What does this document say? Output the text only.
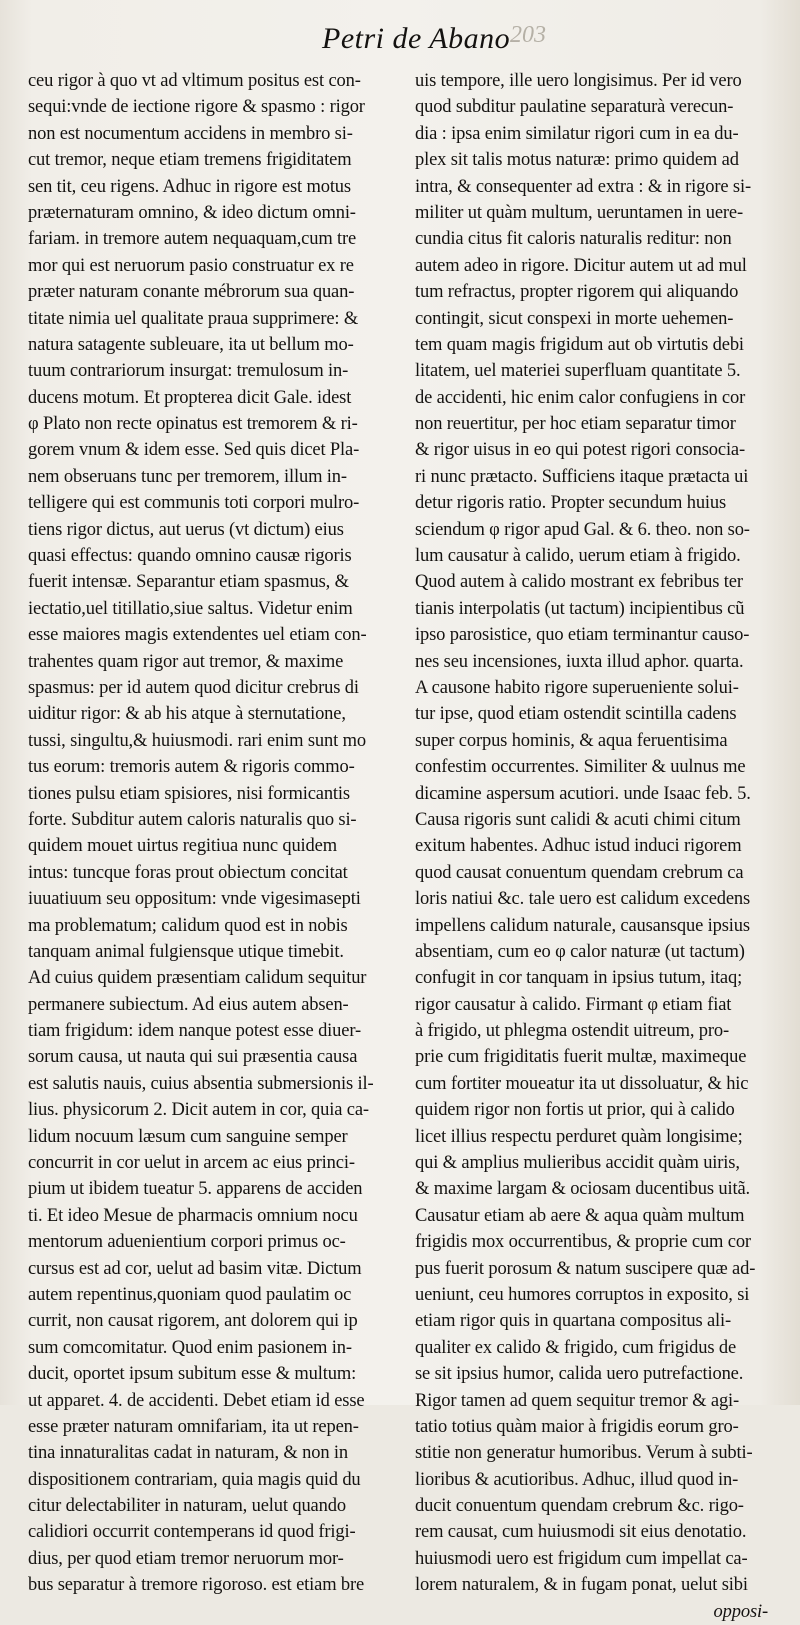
203
Petri de Abano
ceu rigor à quo vt ad vltimum positus est con-
sequi:vnde de iectione rigore & spasmo : rigor
non est nocumentum accidens in membro si-
cut tremor, neque etiam tremens frigiditatem
sen tit, ceu rigens. Adhuc in rigore est motus
præternaturam omnino, & ideo dictum omni-
fariam. in tremore autem nequaquam,cum tre
mor qui est neruorum pasio construatur ex re
præter naturam conante mébrorum sua quan-
titate nimia uel qualitate praua supprimere: &
natura satagente subleuare, ita ut bellum mo-
tuum contrariorum insurgat: tremulosum in-
ducens motum. Et propterea dicit Gale. idest
φ Plato non recte opinatus est tremorem & ri-
gorem vnum & idem esse. Sed quis dicet Pla-
nem obseruans tunc per tremorem, illum in-
telligere qui est communis toti corpori mulro-
tiens rigor dictus, aut uerus (vt dictum) eius
quasi effectus: quando omnino causæ rigoris
fuerit intensæ. Separantur etiam spasmus, &
iectatio,uel titillatio,siue saltus. Videtur enim
esse maiores magis extendentes uel etiam con-
trahentes quam rigor aut tremor, & maxime
spasmus: per id autem quod dicitur crebrus di
uiditur rigor: & ab his atque à sternutatione,
tussi, singultu,& huiusmodi. rari enim sunt mo
tus eorum: tremoris autem & rigoris commo-
tiones pulsu etiam spisiores, nisi formicantis
forte. Subditur autem caloris naturalis quo si-
quidem mouet uirtus regitiua nunc quidem
intus: tuncque foras prout obiectum concitat
iuuatiuum seu oppositum: vnde vigesimasepti
ma problematum; calidum quod est in nobis
tanquam animal fulgiensque utique timebit.
Ad cuius quidem præsentiam calidum sequitur
permanere subiectum. Ad eius autem absen-
tiam frigidum: idem nanque potest esse diuer-
sorum causa, ut nauta qui sui præsentia causa
est salutis nauis, cuius absentia submersionis il-
lius. physicorum 2. Dicit autem in cor, quia ca-
lidum nocuum læsum cum sanguine semper
concurrit in cor uelut in arcem ac eius princi-
pium ut ibidem tueatur 5. apparens de acciden
ti. Et ideo Mesue de pharmacis omnium nocu
mentorum aduenientium corpori primus oc-
cursus est ad cor, uelut ad basim vitæ. Dictum
autem repentinus,quoniam quod paulatim oc
currit, non causat rigorem, ant dolorem qui ip
sum comcomitatur. Quod enim pasionem in-
ducit, oportet ipsum subitum esse & multum:
ut apparet. 4. de accidenti. Debet etiam id esse
esse præter naturam omnifariam, ita ut repen-
tina innaturalitas cadat in naturam, & non in
dispositionem contrariam, quia magis quid du
citur delectabiliter in naturam, uelut quando
calidiori occurrit contemperans id quod frigi-
dius, per quod etiam tremor neruorum mor-
bus separatur à tremore rigoroso. est etiam bre
uis tempore, ille uero longisimus. Per id vero
quod subditur paulatine separaturà verecun-
dia : ipsa enim similatur rigori cum in ea du-
plex sit talis motus naturæ: primo quidem ad
intra, & consequenter ad extra : & in rigore si-
militer ut quàm multum, ueruntamen in uere-
cundia citus fit caloris naturalis reditur: non
autem adeo in rigore. Dicitur autem ut ad mul
tum refractus, propter rigorem qui aliquando
contingit, sicut conspexi in morte uehemen-
tem quam magis frigidum aut ob virtutis debi
litatem, uel materiei superfluam quantitate 5.
de accidenti, hic enim calor confugiens in cor
non reuertitur, per hoc etiam separatur timor
& rigor uisus in eo qui potest rigori consocia-
ri nunc prætacto. Sufficiens itaque prætacta ui
detur rigoris ratio. Propter secundum huius
sciendum φ rigor apud Gal. & 6. theo. non so-
lum causatur à calido, uerum etiam à frigido.
Quod autem à calido mostrant ex febribus ter
tianis interpolatis (ut tactum) incipientibus cũ
ipso parosistice, quo etiam terminantur causo-
nes seu incensiones, iuxta illud aphor. quarta.
A causone habito rigore superueniente solui-
tur ipse, quod etiam ostendit scintilla cadens
super corpus hominis, & aqua feruentisima
confestim occurrentes. Similiter & uulnus me
dicamine aspersum acutiori. unde Isaac feb. 5.
Causa rigoris sunt calidi & acuti chimi citum
exitum habentes. Adhuc istud induci rigorem
quod causat conuentum quendam crebrum ca
loris natiui &c. tale uero est calidum excedens
impellens calidum naturale, causansque ipsius
absentiam, cum eo φ calor naturæ (ut tactum)
confugit in cor tanquam in ipsius tutum, itaq;
rigor causatur à calido. Firmant φ etiam fiat
à frigido, ut phlegma ostendit uitreum, pro-
prie cum frigiditatis fuerit multæ, maximeque
cum fortiter moueatur ita ut dissoluatur, & hic
quidem rigor non fortis ut prior, qui à calido
licet illius respectu perduret quàm longisime;
qui & amplius mulieribus accidit quàm uiris,
& maxime largam & ociosam ducentibus uitã.
Causatur etiam ab aere & aqua quàm multum
frigidis mox occurrentibus, & proprie cum cor
pus fuerit porosum & natum suscipere quæ ad-
ueniunt, ceu humores corruptos in exposito, si
etiam rigor quis in quartana compositus ali-
qualiter ex calido & frigido, cum frigidus de
se sit ipsius humor, calida uero putrefactione.
Rigor tamen ad quem sequitur tremor & agi-
tatio totius quàm maior à frigidis eorum gro-
stitie non generatur humoribus. Verum à subti-
lioribus & acutioribus. Adhuc, illud quod in-
ducit conuentum quendam crebrum &c. rigo-
rem causat, cum huiusmodi sit eius denotatio.
huiusmodi uero est frigidum cum impellat ca-
lorem naturalem, & in fugam ponat, uelut sibi
opposi-
